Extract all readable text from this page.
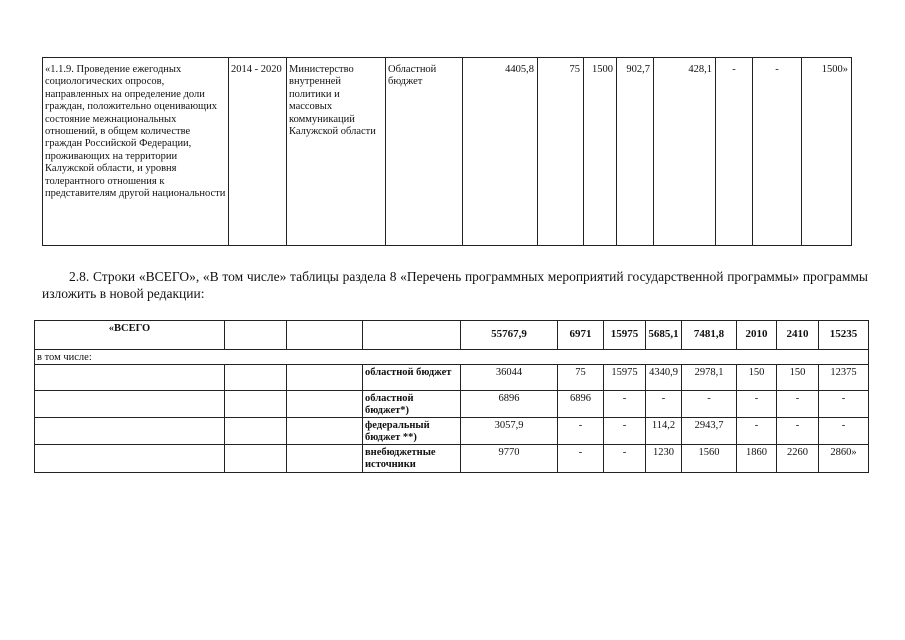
«1.1.9. Проведение ежегодных социологических опросов, направленных на определение доли граждан, положительно оценивающих состояние межнациональных отношений, в общем количестве граждан Российской Федерации, проживающих на территории Калужской области, и уровня толерантного отношения к представителям другой национальности	2014 - 2020	Министерство внутренней политики и массовых коммуникаций Калужской области	Областной бюджет	4405,8	75	1500	902,7	428,1	-	-	1500»
2.8. Строки «ВСЕГО», «В том числе» таблицы раздела 8 «Перечень программных мероприятий государственной программы» программы изложить в новой редакции:
«ВСЕГО				55767,9	6971	15975	5685,1	7481,8	2010	2410	15235
в том числе:											
			областной бюджет	36044	75	15975	4340,9	2978,1	150	150	12375
			областной бюджет*)	6896	6896	-	-	-	-	-	-
			федеральный бюджет **)	3057,9	-	-	114,2	2943,7	-	-	-
			внебюджетные источники	9770	-	-	1230	1560	1860	2260	2860»
